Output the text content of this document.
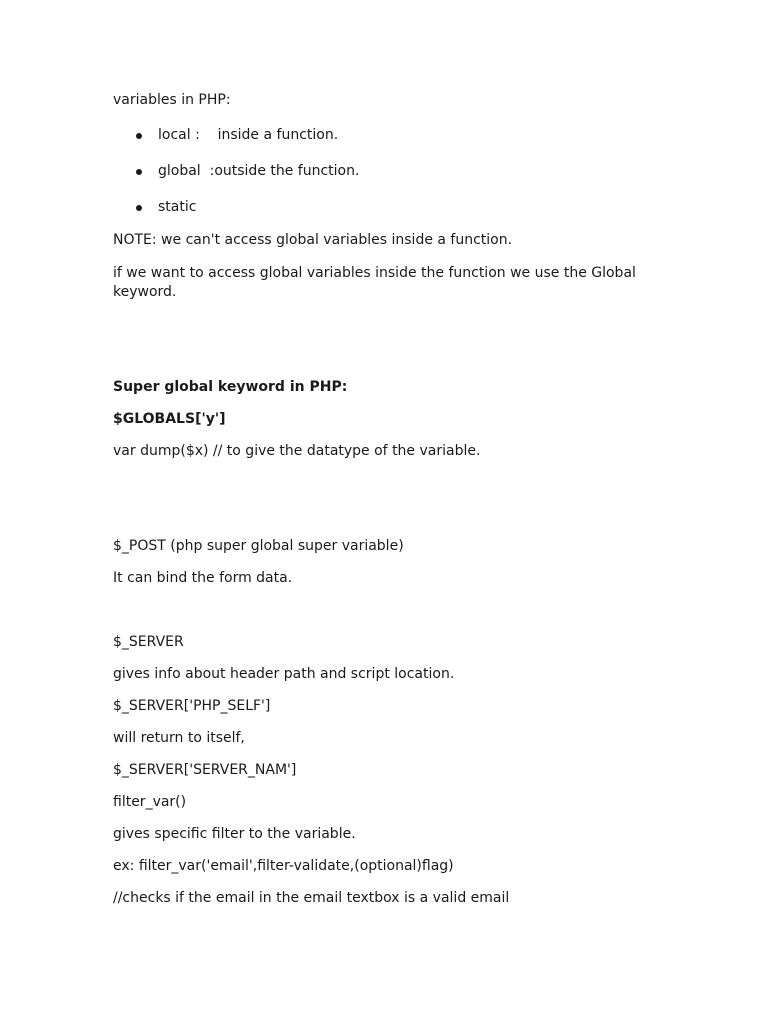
variables in PHP:
local :    inside a function.
global  :outside the function.
static
NOTE: we can't access global variables inside a function.
if we want to access global variables inside the function we use the Global keyword.
Super global keyword in PHP:
$GLOBALS['y']
var dump($x) // to give the datatype of the variable.
$_POST (php super global super variable)
It can bind the form data.
$_SERVER
gives info about header path and script location.
$_SERVER['PHP_SELF']
will return to itself,
$_SERVER['SERVER_NAM']
filter_var()
gives specific filter to the variable.
ex: filter_var('email',filter-validate,(optional)flag)
//checks if the email in the email textbox is a valid email
